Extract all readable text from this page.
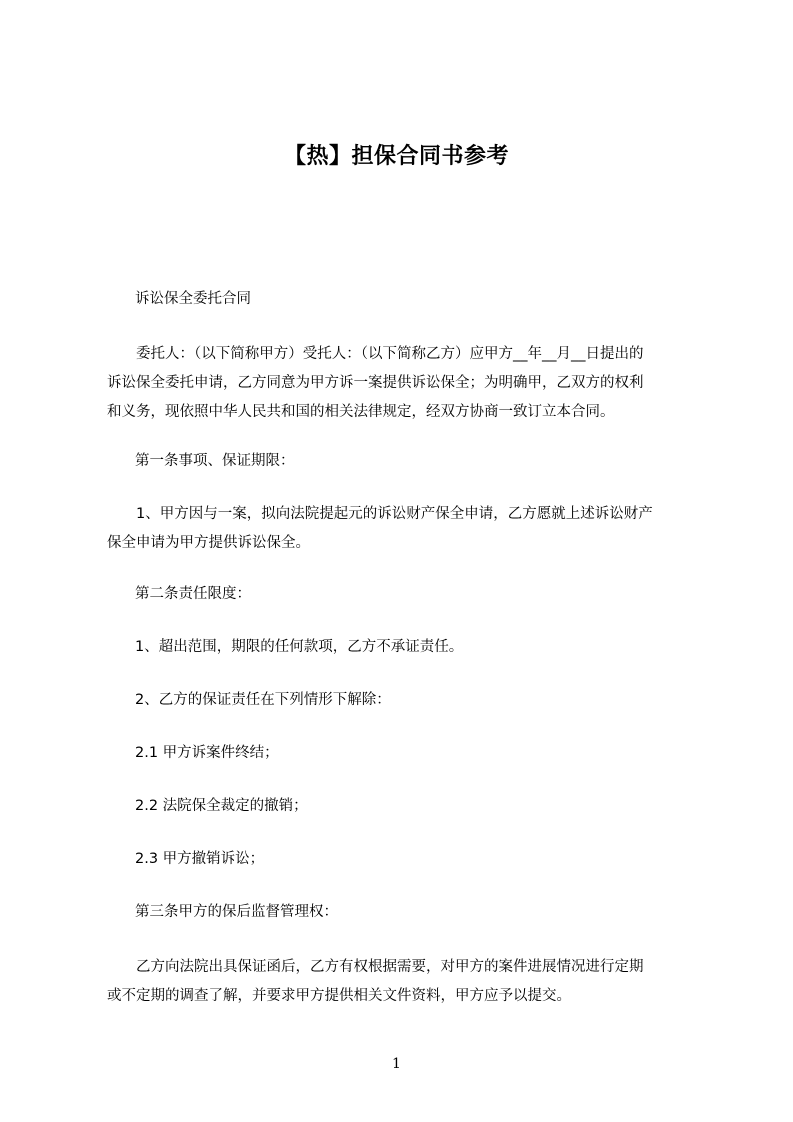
【热】担保合同书参考
诉讼保全委托合同
委托人：（以下简称甲方）受托人：（以下简称乙方）应甲方__年__月__日提出的
诉讼保全委托申请，乙方同意为甲方诉一案提供诉讼保全；为明确甲，乙双方的权利
和义务，现依照中华人民共和国的相关法律规定，经双方协商一致订立本合同。
第一条事项、保证期限：
1、甲方因与一案，拟向法院提起元的诉讼财产保全申请，乙方愿就上述诉讼财产
保全申请为甲方提供诉讼保全。
第二条责任限度：
1、超出范围，期限的任何款项，乙方不承证责任。
2、乙方的保证责任在下列情形下解除：
2.1 甲方诉案件终结；
2.2 法院保全裁定的撤销；
2.3 甲方撤销诉讼；
第三条甲方的保后监督管理权：
乙方向法院出具保证函后，乙方有权根据需要，对甲方的案件进展情况进行定期
或不定期的调查了解，并要求甲方提供相关文件资料，甲方应予以提交。
1
